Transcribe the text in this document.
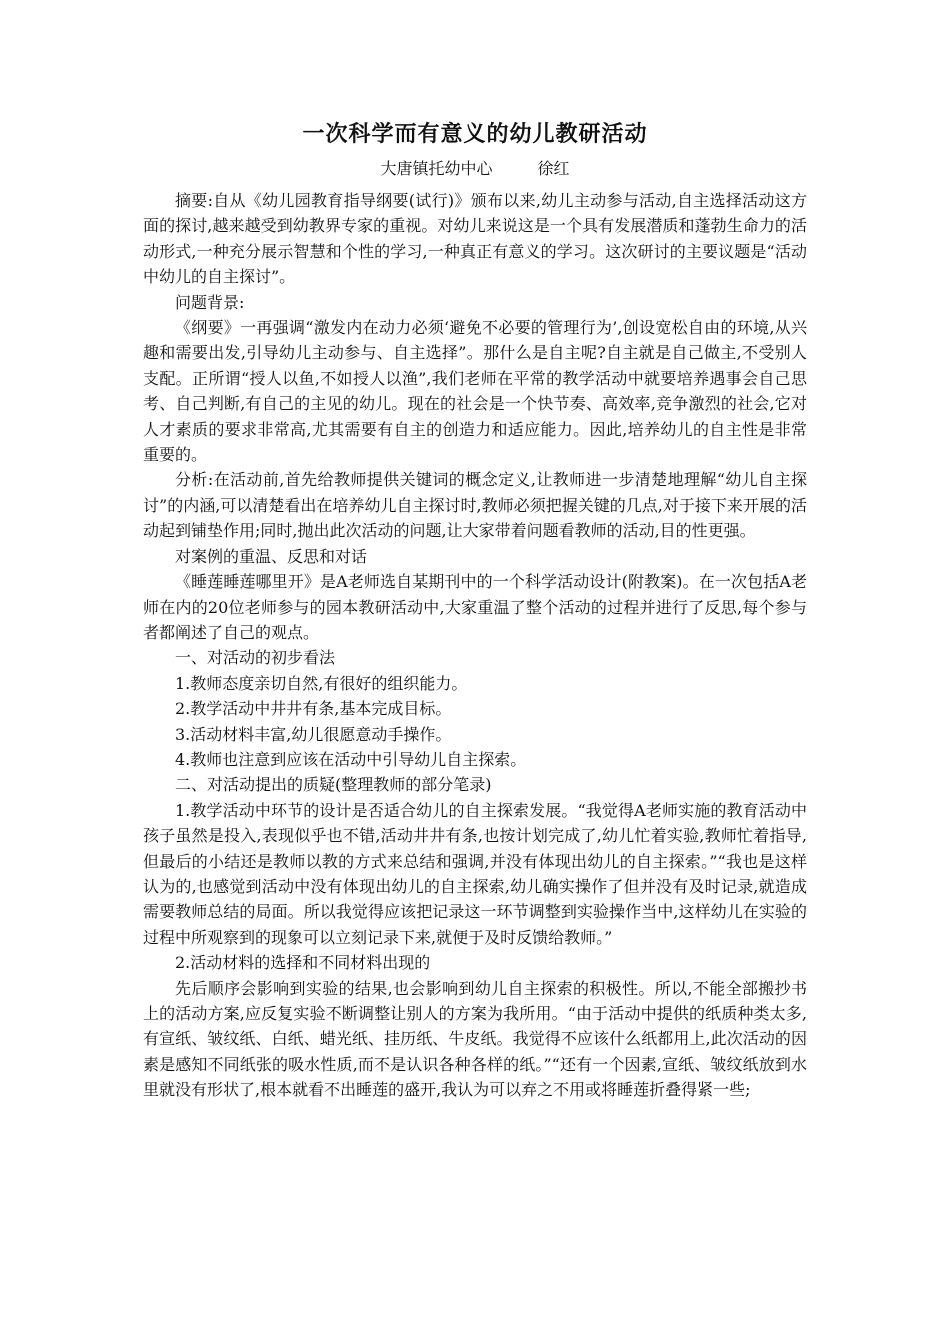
一次科学而有意义的幼儿教研活动
大唐镇托幼中心	徐红

摘要:自从《幼儿园教育指导纲要(试行)》颁布以来,幼儿主动参与活动,自主选择活动这方面的探讨,越来越受到幼教界专家的重视。对幼儿来说这是一个具有发展潜质和蓬勃生命力的活动形式,一种充分展示智慧和个性的学习,一种真正有意义的学习。这次研讨的主要议题是“活动中幼儿的自主探讨”。

问题背景:

《纲要》一再强调“激发内在动力必须‘避免不必要的管理行为’,创设宽松自由的环境,从兴趣和需要出发,引导幼儿主动参与、自主选择”。那什么是自主呢?自主就是自己做主,不受别人支配。正所谓“授人以鱼,不如授人以渔”,我们老师在平常的教学活动中就要培养遇事会自己思考、自己判断,有自己的主见的幼儿。现在的社会是一个快节奏、高效率,竞争激烈的社会,它对人才素质的要求非常高,尤其需要有自主的创造力和适应能力。因此,培养幼儿的自主性是非常重要的。

分析:在活动前,首先给教师提供关键词的概念定义,让教师进一步清楚地理解“幼儿自主探讨”的内涵,可以清楚看出在培养幼儿自主探讨时,教师必须把握关键的几点,对于接下来开展的活动起到铺垫作用;同时,抛出此次活动的问题,让大家带着问题看教师的活动,目的性更强。

对案例的重温、反思和对话

《睡莲睡莲哪里开》是A老师选自某期刊中的一个科学活动设计(附教案)。在一次包括A老师在内的20位老师参与的园本教研活动中,大家重温了整个活动的过程并进行了反思,每个参与者都阐述了自己的观点。

一、对活动的初步看法

1.教师态度亲切自然,有很好的组织能力。

2.教学活动中井井有条,基本完成目标。

3.活动材料丰富,幼儿很愿意动手操作。

4.教师也注意到应该在活动中引导幼儿自主探索。

二、对活动提出的质疑(整理教师的部分笔录)

1.教学活动中环节的设计是否适合幼儿的自主探索发展。“我觉得A老师实施的教育活动中孩子虽然是投入,表现似乎也不错,活动井井有条,也按计划完成了,幼儿忙着实验,教师忙着指导,但最后的小结还是教师以教的方式来总结和强调,并没有体现出幼儿的自主探索。”“我也是这样认为的,也感觉到活动中没有体现出幼儿的自主探索,幼儿确实操作了但并没有及时记录,就造成需要教师总结的局面。所以我觉得应该把记录这一环节调整到实验操作当中,这样幼儿在实验的过程中所观察到的现象可以立刻记录下来,就便于及时反馈给教师。”

2.活动材料的选择和不同材料出现的

先后顺序会影响到实验的结果,也会影响到幼儿自主探索的积极性。所以,不能全部搬抄书上的活动方案,应反复实验不断调整让别人的方案为我所用。“由于活动中提供的纸质种类太多,有宣纸、皱纹纸、白纸、蜡光纸、挂历纸、牛皮纸。我觉得不应该什么纸都用上,此次活动的因素是感知不同纸张的吸水性质,而不是认识各种各样的纸。”“还有一个因素,宣纸、皱纹纸放到水里就没有形状了,根本就看不出睡莲的盛开,我认为可以弃之不用或将睡莲折叠得紧一些;
